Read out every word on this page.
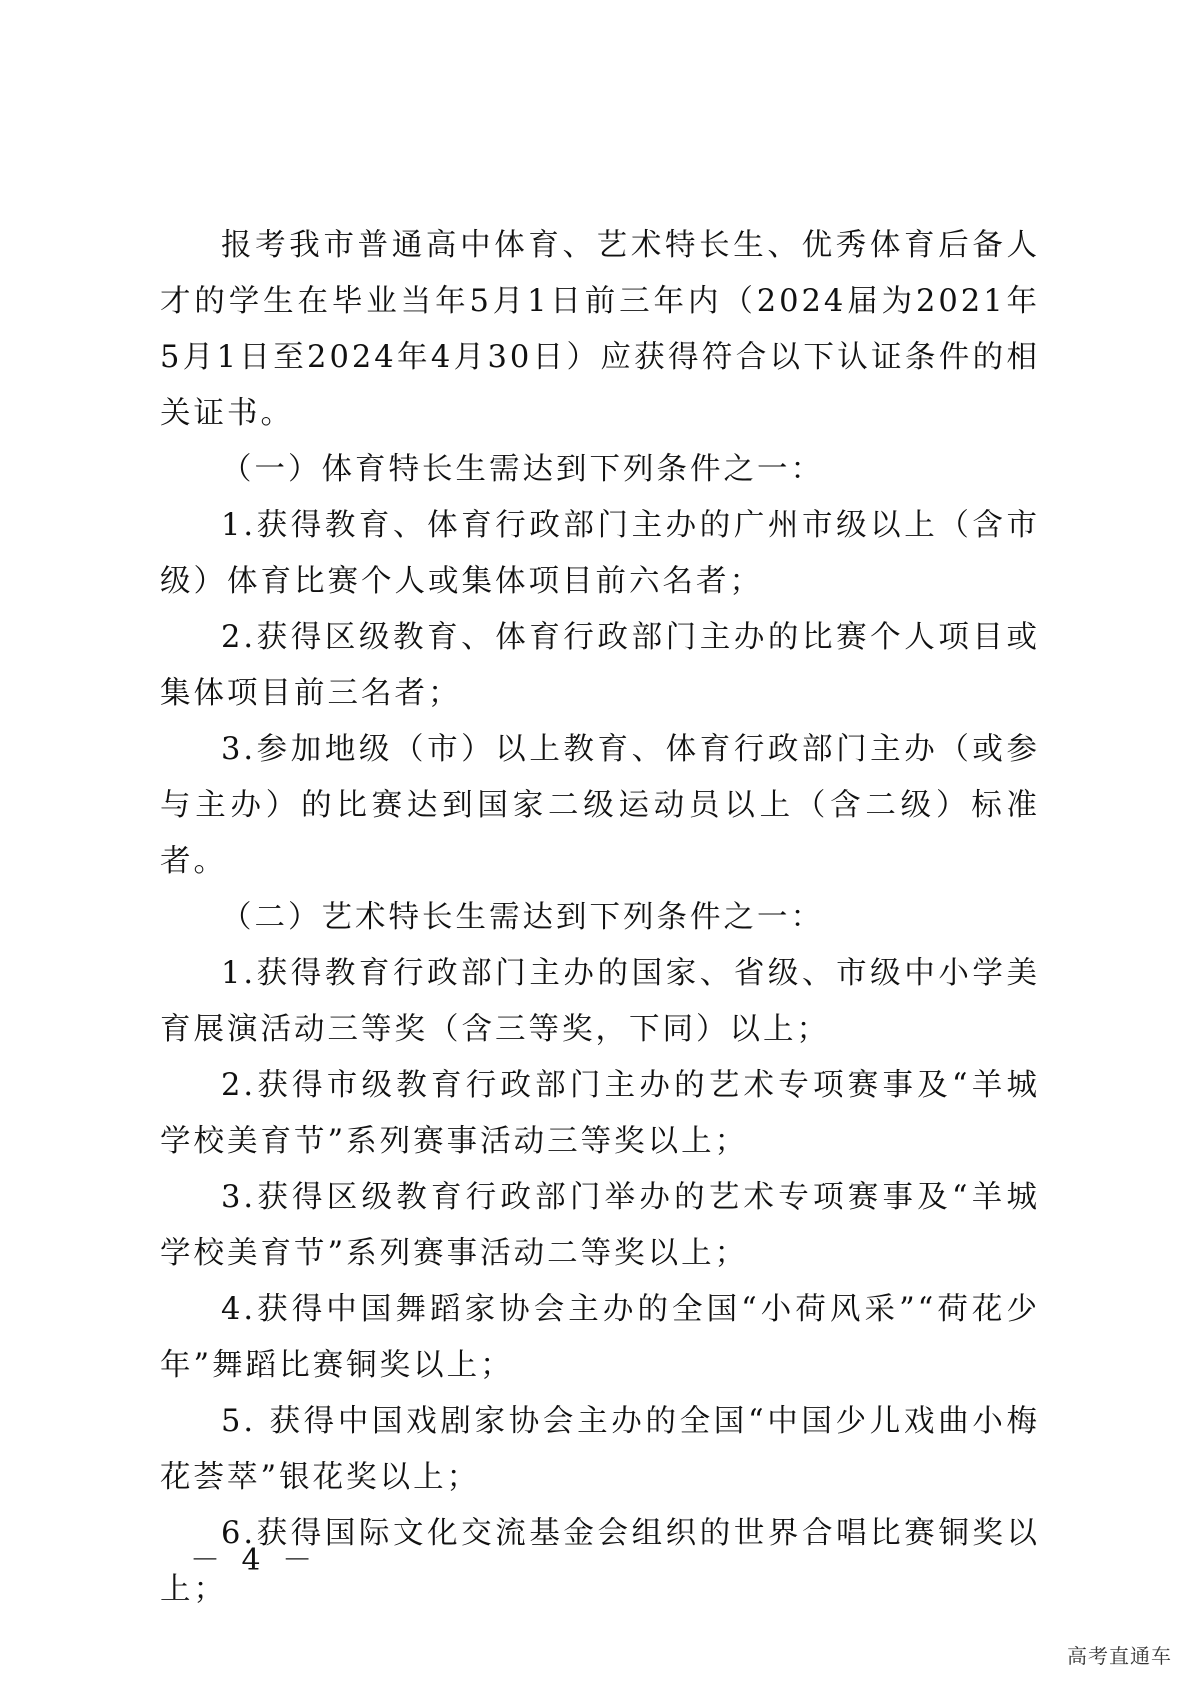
报考我市普通高中体育、艺术特长生、优秀体育后备人才的学生在毕业当年5月1日前三年内（2024届为2021年5月1日至2024年4月30日）应获得符合以下认证条件的相关证书。

（一）体育特长生需达到下列条件之一：

1.获得教育、体育行政部门主办的广州市级以上（含市级）体育比赛个人或集体项目前六名者；

2.获得区级教育、体育行政部门主办的比赛个人项目或集体项目前三名者；

3.参加地级（市）以上教育、体育行政部门主办（或参与主办）的比赛达到国家二级运动员以上（含二级）标准者。

（二）艺术特长生需达到下列条件之一：

1.获得教育行政部门主办的国家、省级、市级中小学美育展演活动三等奖（含三等奖，下同）以上；

2.获得市级教育行政部门主办的艺术专项赛事及“羊城学校美育节”系列赛事活动三等奖以上；

3.获得区级教育行政部门举办的艺术专项赛事及“羊城学校美育节”系列赛事活动二等奖以上；

4.获得中国舞蹈家协会主办的全国“小荷风采”“荷花少年”舞蹈比赛铜奖以上；

5. 获得中国戏剧家协会主办的全国“中国少儿戏曲小梅花荟萃”银花奖以上；

6.获得国际文化交流基金会组织的世界合唱比赛铜奖以上；

－ 4 －
高考直通车
